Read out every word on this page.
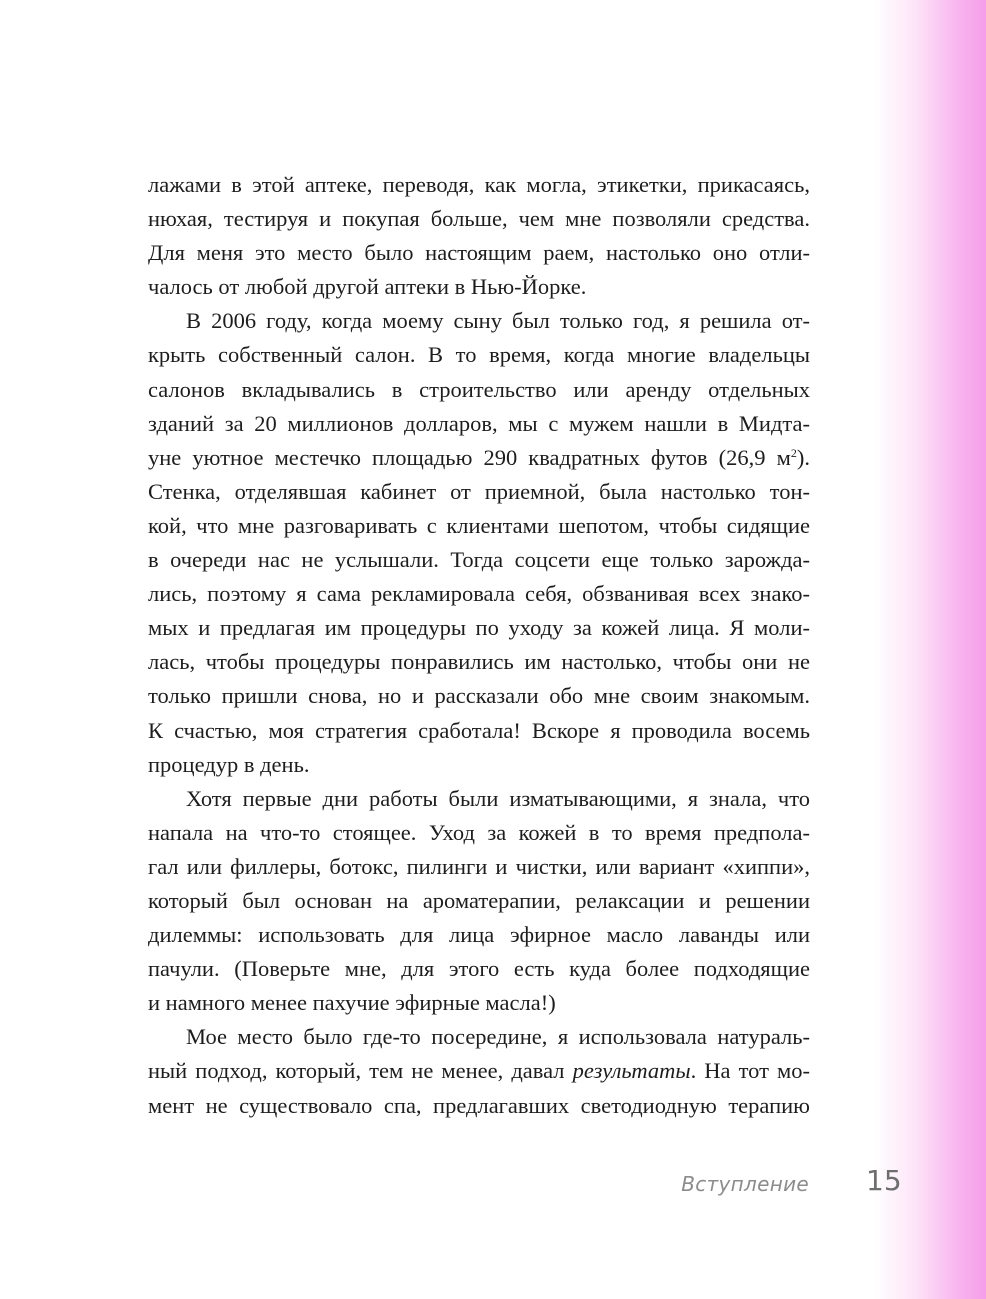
лажами в этой аптеке, переводя, как могла, этикетки, прикасаясь,
нюхая, тестируя и покупая больше, чем мне позволяли средства.
Для меня это место было настоящим раем, настолько оно отли-
чалось от любой другой аптеки в Нью-Йорке.
В 2006 году, когда моему сыну был только год, я решила от-
крыть собственный салон. В то время, когда многие владельцы
салонов вкладывались в строительство или аренду отдельных
зданий за 20 миллионов долларов, мы с мужем нашли в Мидта-
уне уютное местечко площадью 290 квадратных футов (26,9 $м^2$).
Стенка, отделявшая кабинет от приемной, была настолько тон-
кой, что мне разговаривать с клиентами шепотом, чтобы сидящие
в очереди нас не услышали. Тогда соцсети еще только зарожда-
лись, поэтому я сама рекламировала себя, обзванивая всех знако-
мых и предлагая им процедуры по уходу за кожей лица. Я моли-
лась, чтобы процедуры понравились им настолько, чтобы они не
только пришли снова, но и рассказали обо мне своим знакомым.
К счастью, моя стратегия сработала! Вскоре я проводила восемь
процедур в день.
Хотя первые дни работы были изматывающими, я знала, что
напала на что-то стоящее. Уход за кожей в то время предпола-
гал или филлеры, ботокс, пилинги и чистки, или вариант «хиппи»,
который был основан на ароматерапии, релаксации и решении
дилеммы: использовать для лица эфирное масло лаванды или
пачули. (Поверьте мне, для этого есть куда более подходящие
и намного менее пахучие эфирные масла!)
Мое место было где-то посередине, я использовала натураль-
ный подход, который, тем не менее, давал результаты. На тот мо-
мент не существовало спа, предлагавших светодиодную терапию
Вступление 15
